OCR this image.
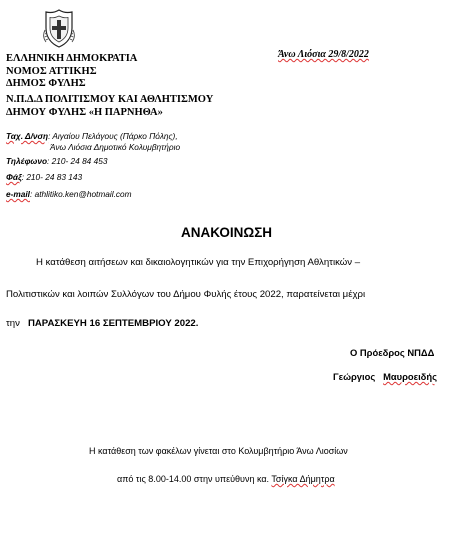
ΕΛΛΗΝΙΚΗ ΔΗΜΟΚΡΑΤΙΑ
ΝΟΜΟΣ ΑΤΤΙΚΗΣ
ΔΗΜΟΣ ΦΥΛΗΣ
Ν.Π.Δ.Δ ΠΟΛΙΤΙΣΜΟΥ ΚΑΙ ΑΘΛΗΤΙΣΜΟΥ
ΔΗΜΟΥ ΦΥΛΗΣ «Η ΠΑΡΝΗΘΑ»
Άνω Λιόσια 29/8/2022
Ταχ. Δ/νση: Αιγαίου Πελάγους (Πάρκο Πόλης),
Άνω Λιόσια Δημοτικό Κολυμβητήριο
Τηλέφωνο: 210- 24 84 453
Φάξ: 210- 24 83 143
e-mail: athlitiko.ken@hotmail.com
ΑΝΑΚΟΙΝΩΣΗ
Η κατάθεση αιτήσεων και δικαιολογητικών για την Επιχορήγηση Αθλητικών –
Πολιτιστικών και λοιπών Συλλόγων του Δήμου Φυλής έτους 2022, παρατείνεται μέχρι
την ΠΑΡΑΣΚΕΥΗ 16 ΣΕΠΤΕΜΒΡΙΟΥ 2022.
Ο Πρόεδρος ΝΠΔΔ
Γεώργιος Μαυροειδής
Η κατάθεση των φακέλων γίνεται στο Κολυμβητήριο Άνω Λιοσίων
από τις 8.00-14.00 στην υπεύθυνη κα. Τσίγκα Δήμητρα
